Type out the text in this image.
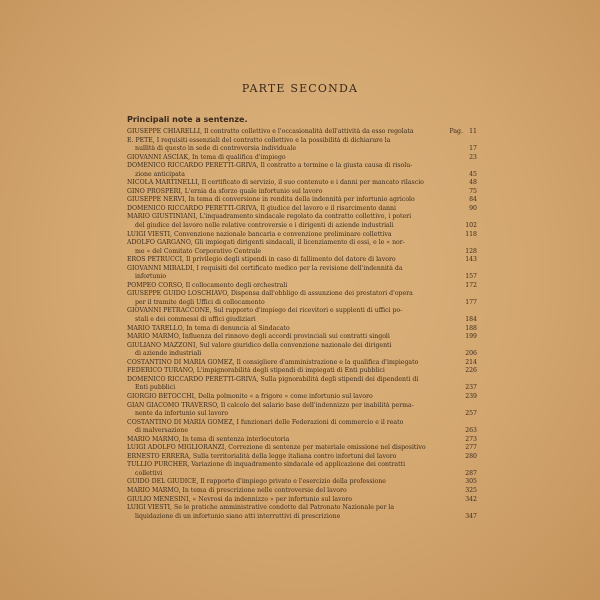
PARTE SECONDA
Principali note a sentenze.
GIUSEPPE CHIARELLI, Il contratto collettivo e l'occasionalità dell'attività da esso regolata	11
Pag.
E. PETE, I requisiti essenziali del contratto collettivo e la possibilità di dichiarare la
nullità di questo in sede di controversia individuale	17
GIOVANNI ASCIAK, In tema di qualifica d'impiego	23
DOMENICO RICCARDO PERETTI-GRIVA, Il contratto a termine e la giusta causa di risolu-
zione anticipata	45
NICOLA MARTINELLI, Il certificato di servizio, il suo contenuto e i danni per mancato rilascio	48
GINO PROSPERI, L'ernia da sforzo quale infortunio sul lavoro	75
GIUSEPPE NERVI, In tema di conversione in rendita della indennità per infortunio agricolo	84
DOMENICO RICCARDO PERETTI-GRIVA, Il giudice del lavoro e il risarcimento danni	90
MARIO GIUSTINIANI, L'inquadramento sindacale regolato da contratto collettivo, i poteri
del giudice del lavoro nelle relative controversie e i dirigenti di aziende industriali	102
LUIGI VIESTI, Convenzione nazionale bancaria e convenzione preliminare collettiva	118
ADOLFO GARGANO, Gli impiegati dirigenti sindacali, il licenziamento di essi, e le « nor-
me » del Comitato Corporativo Centrale	128
EROS PETRUCCI, Il privilegio degli stipendi in caso di fallimento del datore di lavoro	143
GIOVANNI MIRALDI, I requisiti del certificato medico per la revisione dell'indennità da
infortunio	157
POMPEO CORSO, Il collocamento degli orchestrali	172
GIUSEPPE GUIDO LOSCHIAVO, Dispensa dall'obbligo di assunzione dei prestatori d'opera
per il tramite degli Uffici di collocamento	177
GIOVANNI PETRACCONE, Sul rapporto d'impiego dei ricevitori e supplenti di uffici po-
stali e dei commessi di uffici giudiziari	184
MARIO TARELLO, In tema di denuncia al Sindacato	188
MARIO MARMO, Influenza del rinnovo degli accordi provinciali sui contratti singoli	199
GIULIANO MAZZONI, Sul valore giuridico della convenzione nazionale dei dirigenti
di aziende industriali	206
COSTANTINO DI MARIA GOMEZ, Il consigliere d'amministrazione e la qualifica d'impiegato	214
FEDERICO TURANO, L'impignorabilità degli stipendi di impiegati di Enti pubblici	226
DOMENICO RICCARDO PERETTI-GRIVA, Sulla pignorabilità degli stipendi dei dipendenti di
Enti pubblici	237
GIORGIO BETOCCHI, Della polmonite « a frigore » come infortunio sul lavoro	239
GIAN GIACOMO TRAVERSO, Il calcolo del salario base dell'indennizzo per inabilità perma-
nente da infortunio sul lavoro	257
COSTANTINO DI MARIA GOMEZ, I funzionari delle Federazioni di commercio e il reato
di malversazione	263
MARIO MARMO, In tema di sentenza interlocutoria	273
LUIGI ADOLFO MIGLIORANZI, Correzione di sentenze per materiale omissione nel dispositivo	277
ERNESTO ERRERA, Sulla territorialità della legge italiana contro infortuni del lavoro	280
TULLIO PURCHER, Variazione di inquadramento sindacale ed applicazione dei contratti
collettivi	287
GUIDO DEL GIUDICE, Il rapporto d'impiego privato e l'esercizio della professione	305
MARIO MARMO, In tema di prescrizione nelle controversie del lavoro	325
GIULIO MENESINI, « Nevrosi da indennizzo » per infortunio sul lavoro	342
LUIGI VIESTI, Se le pratiche amministrative condotte dal Patronato Nazionale per la
liquidazione di un infortunio siano atti interruttivi di prescrizione	347
